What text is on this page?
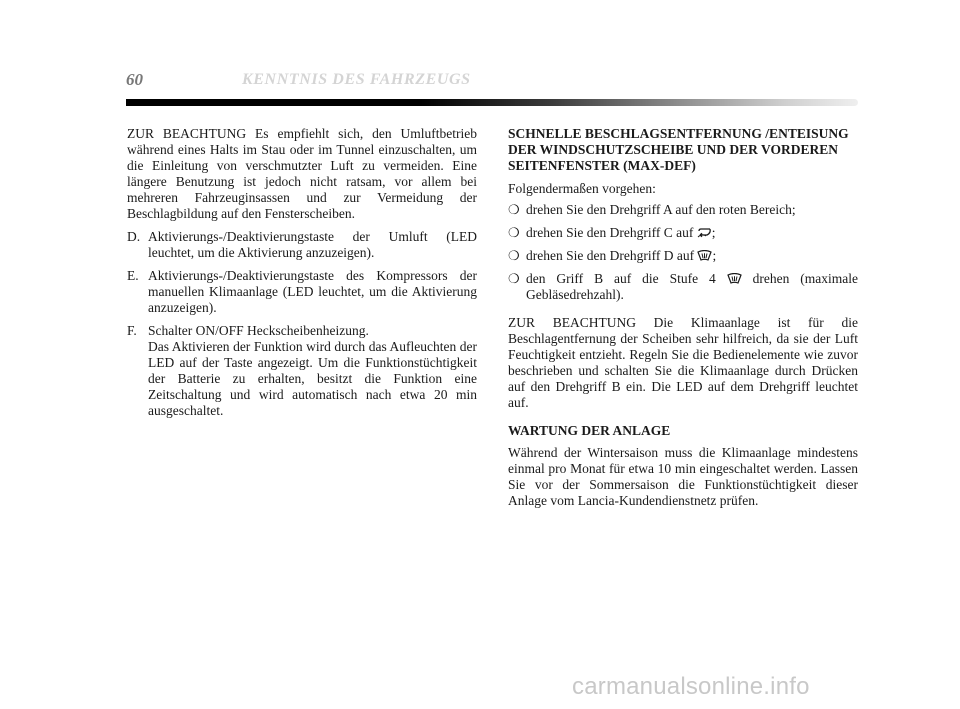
60	KENNTNIS DES FAHRZEUGS

ZUR BEACHTUNG Es empfiehlt sich, den Umluftbetrieb während eines Halts im Stau oder im Tunnel einzuschalten, um die Einleitung von verschmutzter Luft zu vermeiden. Eine längere Benutzung ist jedoch nicht ratsam, vor allem bei mehreren Fahrzeuginsassen und zur Vermeidung der Beschlagbildung auf den Fensterscheiben.

D. Aktivierungs-/Deaktivierungstaste der Umluft (LED leuchtet, um die Aktivierung anzuzeigen).
E. Aktivierungs-/Deaktivierungstaste des Kompressors der manuellen Klimaanlage (LED leuchtet, um die Aktivierung anzuzeigen).
F. Schalter ON/OFF Heckscheibenheizung.
Das Aktivieren der Funktion wird durch das Aufleuchten der LED auf der Taste angezeigt. Um die Funktionstüchtigkeit der Batterie zu erhalten, besitzt die Funktion eine Zeitschaltung und wird automatisch nach etwa 20 min ausgeschaltet.
SCHNELLE BESCHLAGSENTFERNUNG /ENTEISUNG DER WINDSCHUTZSCHEIBE UND DER VORDEREN SEITENFENSTER (MAX-DEF)

Folgendermaßen vorgehen:

❍ drehen Sie den Drehgriff A auf den roten Bereich;
❍ drehen Sie den Drehgriff C auf ;
❍ drehen Sie den Drehgriff D auf ;
❍ den Griff B auf die Stufe 4  drehen (maximale Gebläsedrehzahl).

ZUR BEACHTUNG Die Klimaanlage ist für die Beschlagentfernung der Scheiben sehr hilfreich, da sie der Luft Feuchtigkeit entzieht. Regeln Sie die Bedienelemente wie zuvor beschrieben und schalten Sie die Klimaanlage durch Drücken auf den Drehgriff B ein. Die LED auf dem Drehgriff leuchtet auf.

WARTUNG DER ANLAGE

Während der Wintersaison muss die Klimaanlage mindestens einmal pro Monat für etwa 10 min eingeschaltet werden. Lassen Sie vor der Sommersaison die Funktionstüchtigkeit dieser Anlage vom Lancia-Kundendienstnetz prüfen.

carmanualsonline.info
